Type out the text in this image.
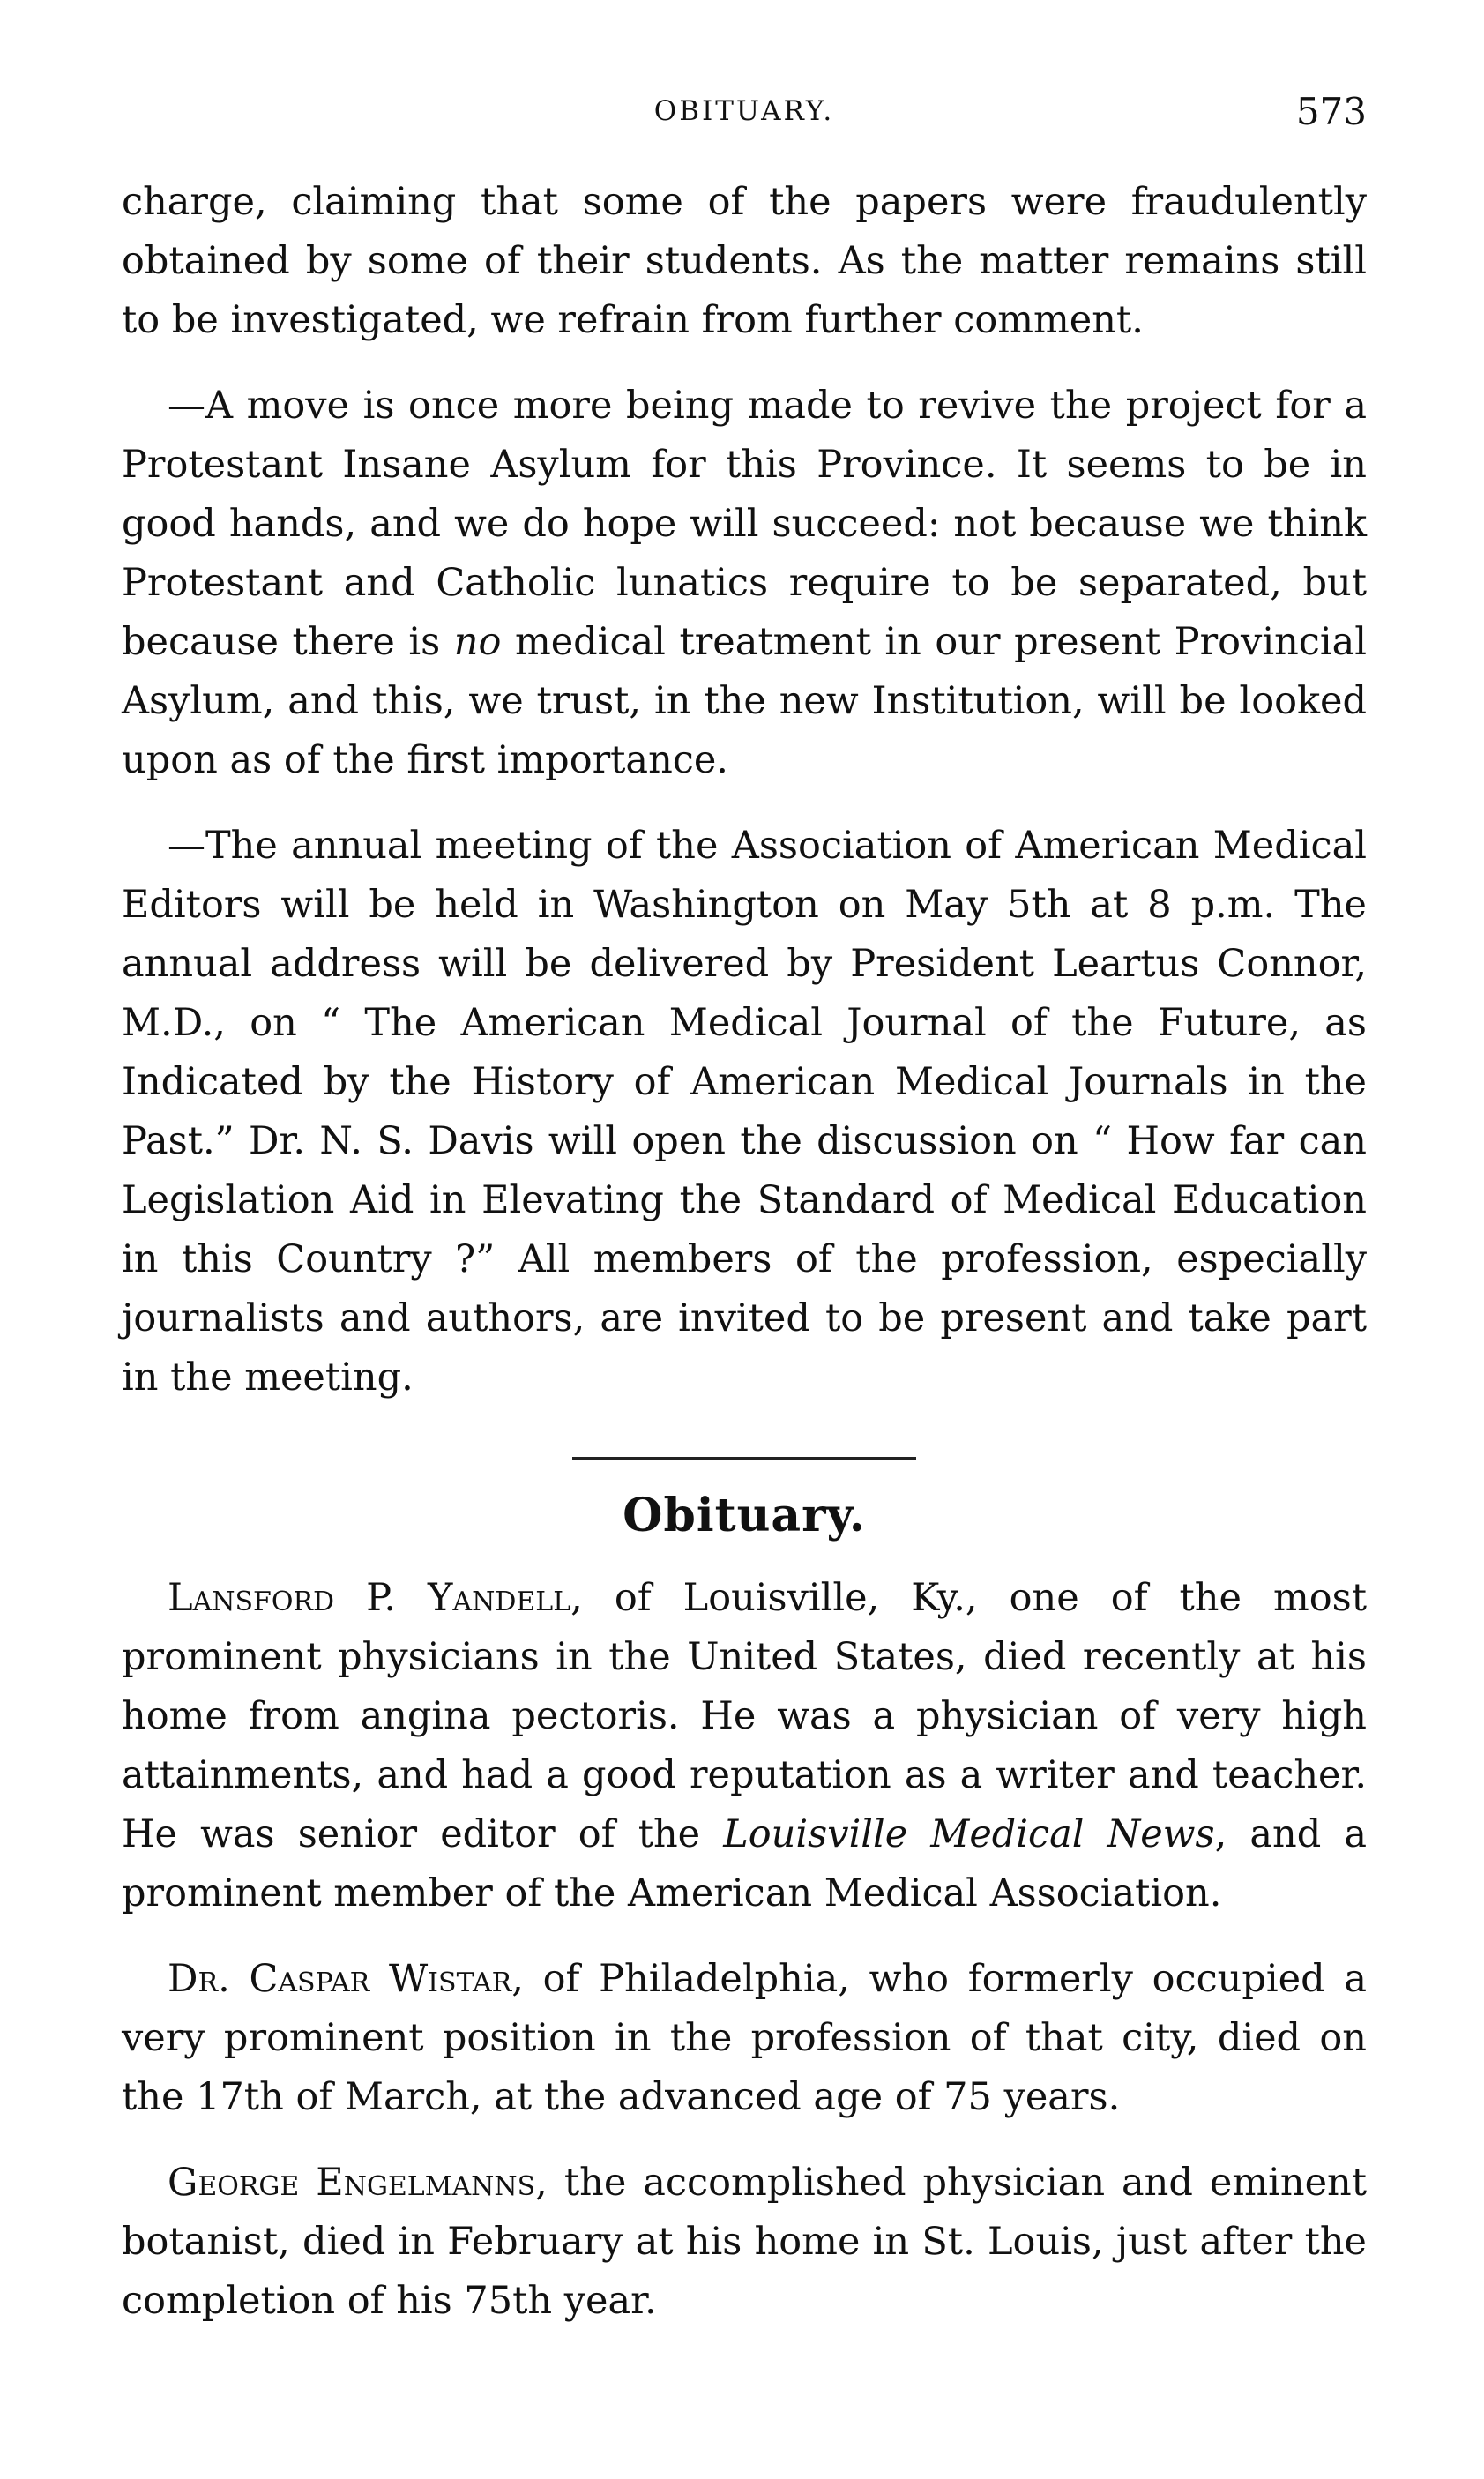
OBITUARY.	573

charge, claiming that some of the papers were fraudulently obtained by some of their students. As the matter remains still to be investigated, we refrain from further comment.

—A move is once more being made to revive the project for a Protestant Insane Asylum for this Province. It seems to be in good hands, and we do hope will succeed: not because we think Protestant and Catholic lunatics require to be separated, but because there is no medical treatment in our present Provincial Asylum, and this, we trust, in the new Institution, will be looked upon as of the first importance.

—The annual meeting of the Association of American Medical Editors will be held in Washington on May 5th at 8 p.m. The annual address will be delivered by President Leartus Connor, M.D., on “ The American Medical Journal of the Future, as Indicated by the History of American Medical Journals in the Past.” Dr. N. S. Davis will open the discussion on “ How far can Legislation Aid in Elevating the Standard of Medical Education in this Country ?” All members of the profession, especially journalists and authors, are invited to be present and take part in the meeting.

Obituary.

Lansford P. Yandell, of Louisville, Ky., one of the most prominent physicians in the United States, died recently at his home from angina pectoris. He was a physician of very high attainments, and had a good reputation as a writer and teacher. He was senior editor of the Louisville Medical News, and a prominent member of the American Medical Association.

Dr. Caspar Wistar, of Philadelphia, who formerly occupied a very prominent position in the profession of that city, died on the 17th of March, at the advanced age of 75 years.

George Engelmanns, the accomplished physician and eminent botanist, died in February at his home in St. Louis, just after the completion of his 75th year.
